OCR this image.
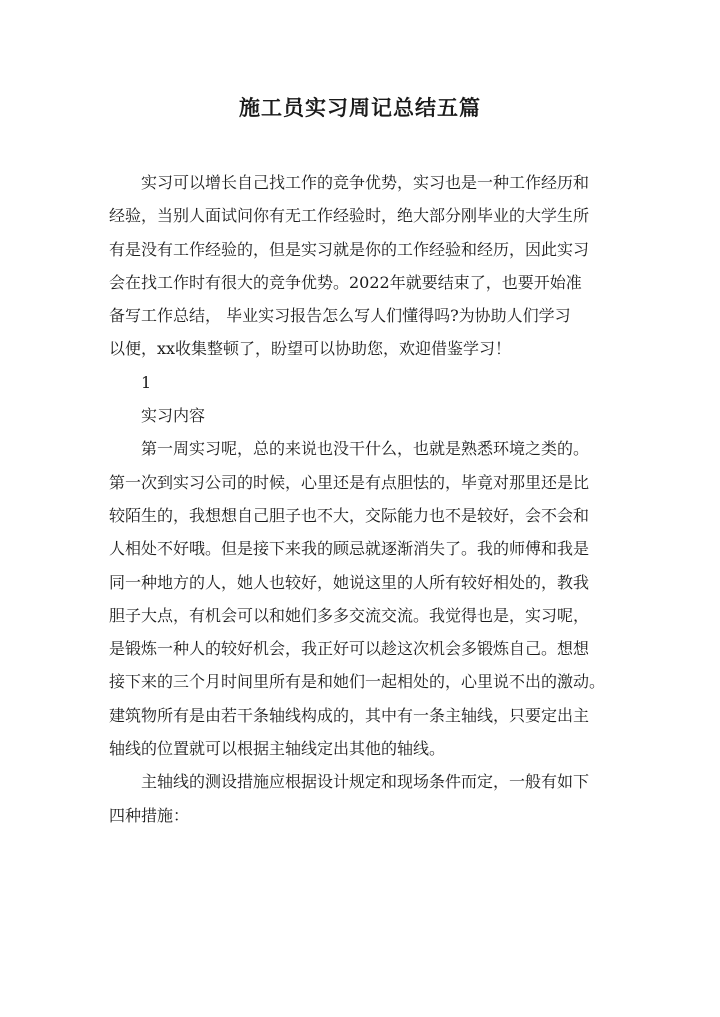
施工员实习周记总结五篇
实习可以增长自己找工作的竞争优势，实习也是一种工作经历和
经验，当别人面试问你有无工作经验时，绝大部分刚毕业的大学生所
有是没有工作经验的，但是实习就是你的工作经验和经历，因此实习
会在找工作时有很大的竞争优势。2022年就要结束了，也要开始准
备写工作总结， 毕业实习报告怎么写人们懂得吗?为协助人们学习
以便，xx收集整顿了，盼望可以协助您，欢迎借鉴学习！
1
实习内容
第一周实习呢，总的来说也没干什么，也就是熟悉环境之类的。
第一次到实习公司的时候，心里还是有点胆怯的，毕竟对那里还是比
较陌生的，我想想自己胆子也不大，交际能力也不是较好，会不会和
人相处不好哦。但是接下来我的顾忌就逐渐消失了。我的师傅和我是
同一种地方的人，她人也较好，她说这里的人所有较好相处的，教我
胆子大点，有机会可以和她们多多交流交流。我觉得也是，实习呢，
是锻炼一种人的较好机会，我正好可以趁这次机会多锻炼自己。想想
接下来的三个月时间里所有是和她们一起相处的，心里说不出的激动。
建筑物所有是由若干条轴线构成的，其中有一条主轴线，只要定出主
轴线的位置就可以根据主轴线定出其他的轴线。
主轴线的测设措施应根据设计规定和现场条件而定，一般有如下
四种措施：
